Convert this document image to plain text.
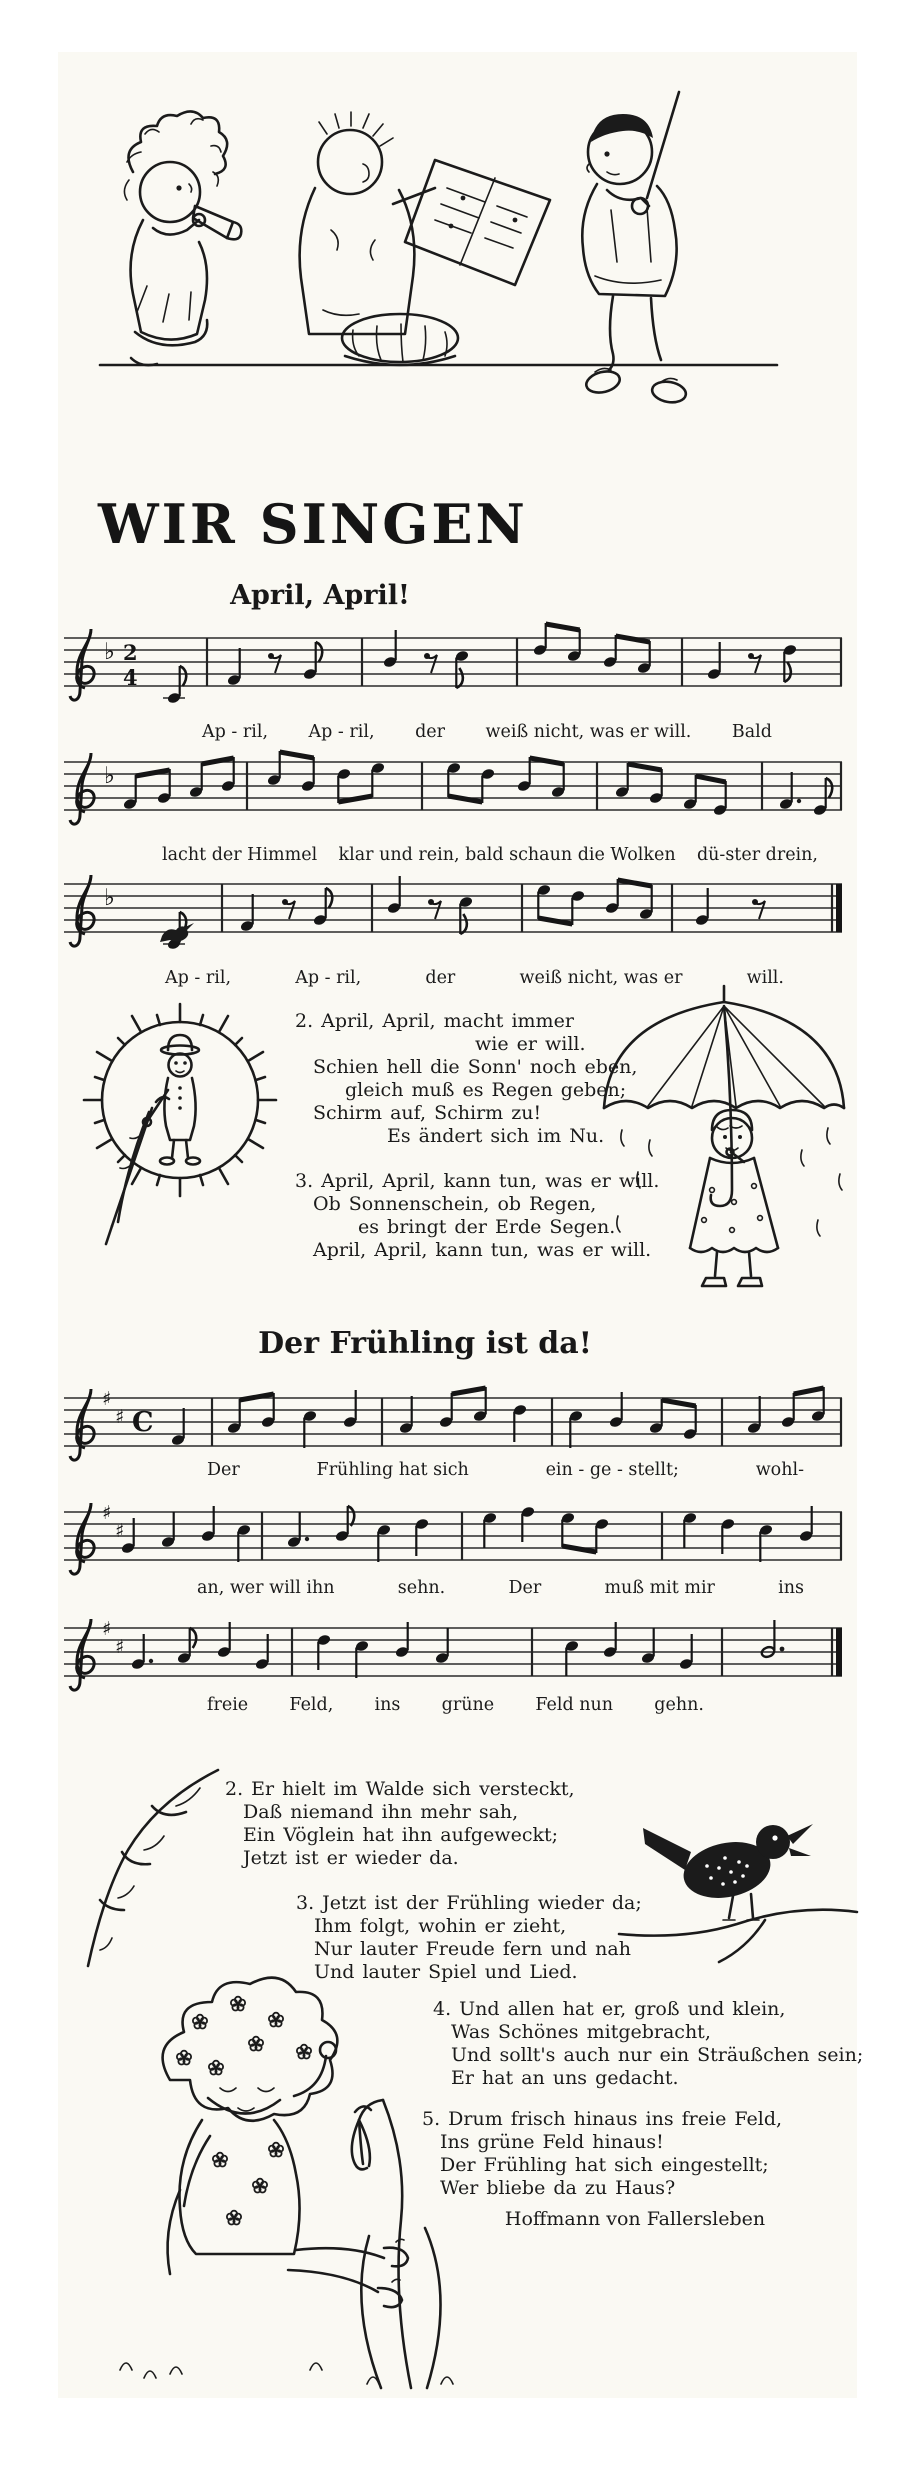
WIR SINGEN
April, April!
♭ 2
4
Ap - ril, Ap - ril, der weiß nicht, was er will. Bald
♭
lacht der Himmel klar und rein, bald schaun die Wolken dü-ster drein,
♭
Ap - ril,	Ap - ril,	der	weiß nicht, was er	will.
2. April, April, macht immer
wie er will.
Schien hell die Sonn' noch eben,
gleich muß es Regen geben;
Schirm auf, Schirm zu!
Es ändert sich im Nu.
3. April, April, kann tun, was er will.
Ob Sonnenschein, ob Regen,
es bringt der Erde Segen.
April, April, kann tun, was er will.
Der Frühling ist da!
♯
♯ C
Der	Frühling hat sich	ein - ge - stellt;	wohl-
♯
♯
an, wer will ihn	sehn.	Der	muß mit mir	ins
♯
♯
freie Feld, ins grüne Feld nun gehn.
2. Er hielt im Walde sich versteckt,
Daß niemand ihn mehr sah,
Ein Vöglein hat ihn aufgeweckt;
Jetzt ist er wieder da.
3. Jetzt ist der Frühling wieder da;
Ihm folgt, wohin er zieht,
Nur lauter Freude fern und nah
Und lauter Spiel und Lied.
4. Und allen hat er, groß und klein,
Was Schönes mitgebracht,
Und sollt's auch nur ein Sträußchen sein;
Er hat an uns gedacht.
5. Drum frisch hinaus ins freie Feld,
Ins grüne Feld hinaus!
Der Frühling hat sich eingestellt;
Wer bliebe da zu Haus?
Hoffmann von Fallersleben
